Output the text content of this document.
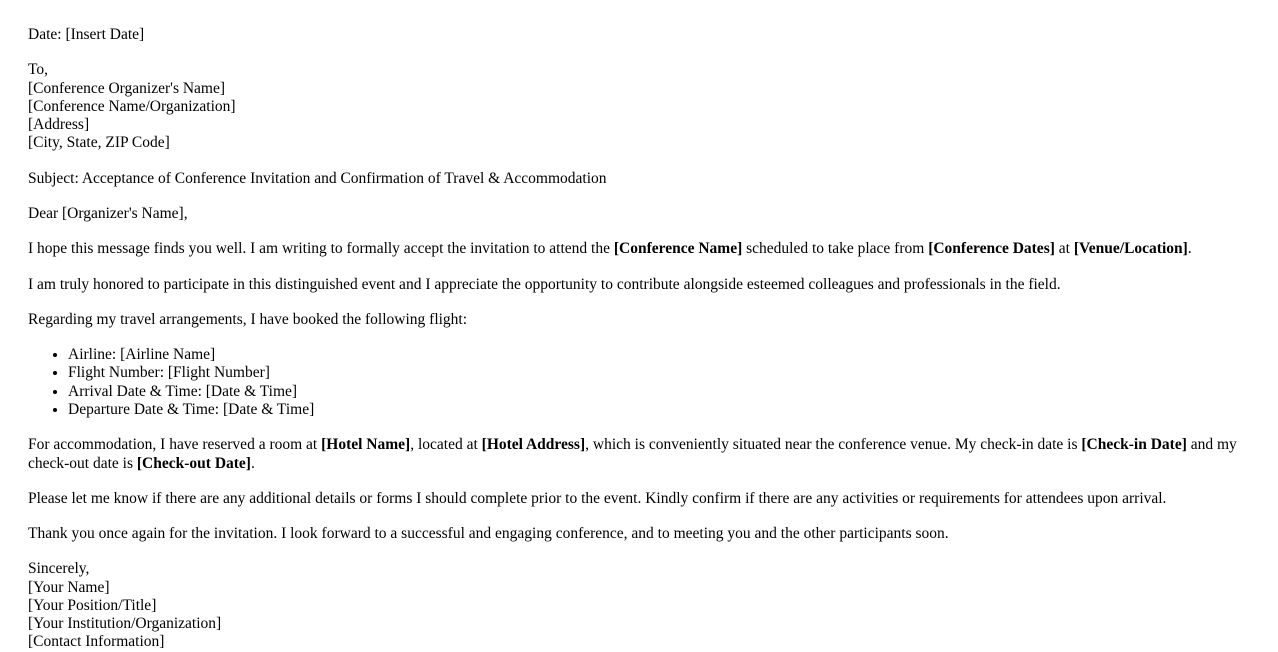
Date: [Insert Date]

To,

[Conference Organizer's Name]

[Conference Name/Organization]

[Address]

[City, State, ZIP Code]

Subject: Acceptance of Conference Invitation and Confirmation of Travel & Accommodation

Dear [Organizer's Name],

I hope this message finds you well. I am writing to formally accept the invitation to attend the [Conference Name] scheduled to take place from [Conference Dates] at [Venue/Location].

I am truly honored to participate in this distinguished event and I appreciate the opportunity to contribute alongside esteemed colleagues and professionals in the field.

Regarding my travel arrangements, I have booked the following flight:

• Airline: [Airline Name]
• Flight Number: [Flight Number]
• Arrival Date & Time: [Date & Time]
• Departure Date & Time: [Date & Time]

For accommodation, I have reserved a room at [Hotel Name], located at [Hotel Address], which is conveniently situated near the conference venue. My check-in date is [Check-in Date] and my check-out date is [Check-out Date].

Please let me know if there are any additional details or forms I should complete prior to the event. Kindly confirm if there are any activities or requirements for attendees upon arrival.

Thank you once again for the invitation. I look forward to a successful and engaging conference, and to meeting you and the other participants soon.

Sincerely,

[Your Name]

[Your Position/Title]

[Your Institution/Organization]

[Contact Information]
